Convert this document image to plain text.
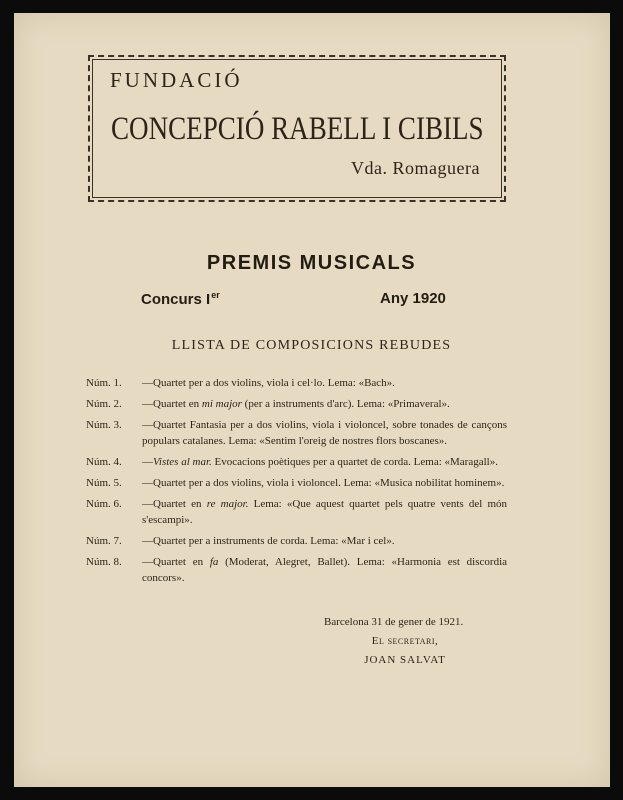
FUNDACIÓ
CONCEPCIÓ RABELL I CIBILS
Vda. Romaguera
PREMIS MUSICALS
Concurs Ier	Any 1920
LLISTA DE COMPOSICIONS REBUDES
Núm. 1.	—Quartet per a dos violins, viola i cel·lo. Lema: «Bach».
Núm. 2.	—Quartet en mi major (per a instruments d'arc). Lema: «Primaveral».
Núm. 3.	—Quartet Fantasia per a dos violins, viola i violoncel, sobre tonades de cançons populars catalanes. Lema: «Sentim l'oreig de nostres flors boscanes».
Núm. 4.	—Vistes al mar. Evocacions poètiques per a quartet de corda. Lema: «Maragall».
Núm. 5.	—Quartet per a dos violins, viola i violoncel. Lema: «Musica nobilitat hominem».
Núm. 6.	—Quartet en re major. Lema: «Que aquest quartet pels quatre vents del món s'escampi».
Núm. 7.	—Quartet per a instruments de corda. Lema: «Mar i cel».
Núm. 8.	—Quartet en fa (Moderat, Alegret, Ballet). Lema: «Harmonia est discordia concors».
Barcelona 31 de gener de 1921.
El secretari,
JOAN SALVAT
